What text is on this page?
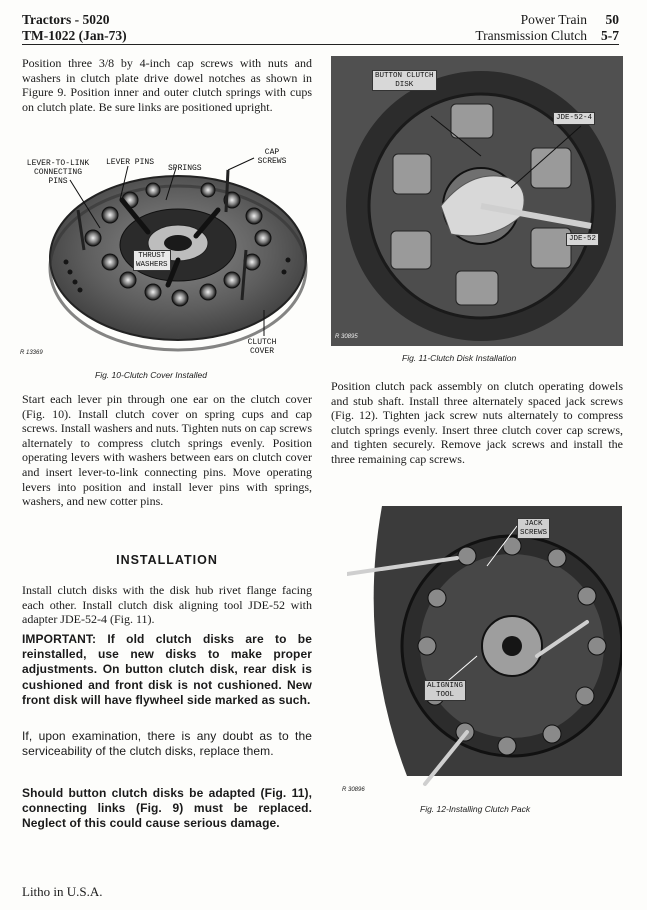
Tractors - 5020
TM-1022 (Jan-73)
Power Train 50
Transmission Clutch 5-7
Position three 3/8 by 4-inch cap screws with nuts and washers in clutch plate drive dowel notches as shown in Figure 9. Position inner and outer clutch springs with cups on clutch plate. Be sure links are positioned upright.
LEVER-TO-LINK
CONNECTING
PINS
LEVER PINS
SPRINGS
CAP
SCREWS
THRUST
WASHERS
CLUTCH
COVER
R 13369
Fig. 10-Clutch Cover Installed
Start each lever pin through one ear on the clutch cover (Fig. 10). Install clutch cover on spring cups and cap screws. Install washers and nuts. Tighten nuts on cap screws alternately to compress clutch springs evenly. Position operating levers with washers between ears on clutch cover and insert lever-to-link connecting pins. Move operating levers into position and install lever pins with springs, washers, and new cotter pins.
INSTALLATION
Install clutch disks with the disk hub rivet flange facing each other. Install clutch disk aligning tool JDE-52 with adapter JDE-52-4 (Fig. 11).
IMPORTANT: If old clutch disks are to be reinstalled, use new disks to make proper adjustments. On button clutch disk, rear disk is cushioned and front disk is not cushioned. New front disk will have flywheel side marked as such.
If, upon examination, there is any doubt as to the serviceability of the clutch disks, replace them.
Should button clutch disks be adapted (Fig. 11), connecting links (Fig. 9) must be replaced. Neglect of this could cause serious damage.
BUTTON CLUTCH
DISK
JDE-52-4
JDE-52
R 30895
Fig. 11-Clutch Disk Installation
Position clutch pack assembly on clutch operating dowels and stub shaft. Install three alternately spaced jack screws (Fig. 12). Tighten jack screw nuts alternately to compress clutch springs evenly. Insert three clutch cover cap screws, and tighten securely. Remove jack screws and install the three remaining cap screws.
JACK
SCREWS
ALIGNING
TOOL
R 30896
Fig. 12-Installing Clutch Pack
Litho in U.S.A.
